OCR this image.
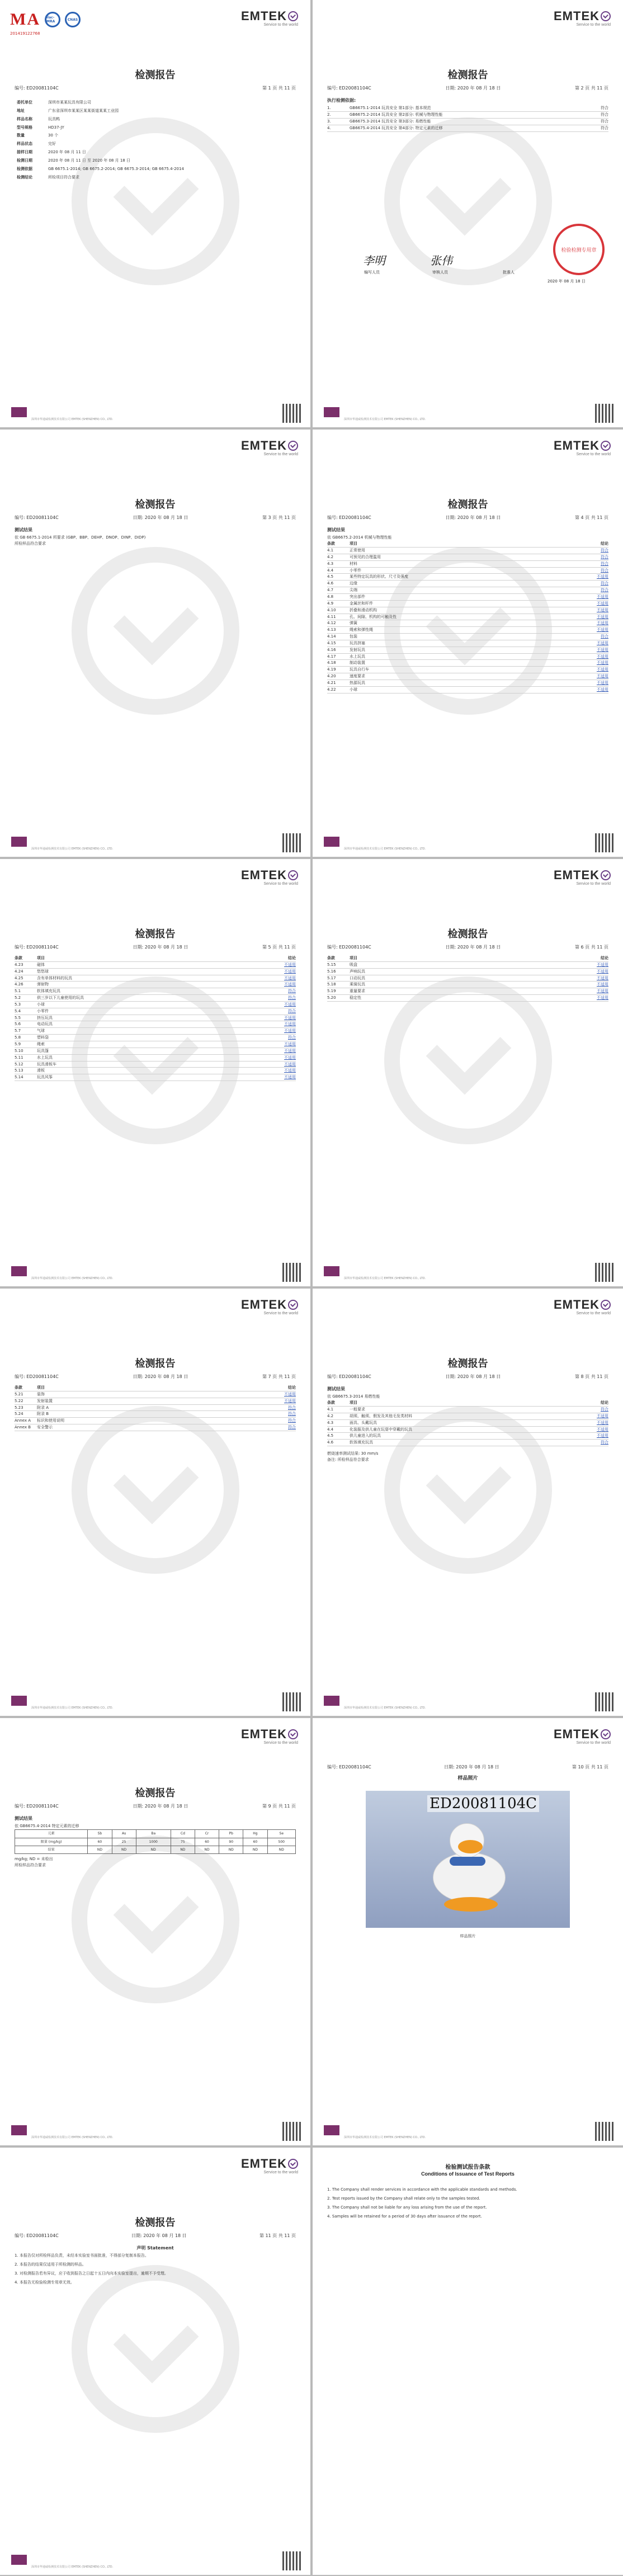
MA	ilac-MRA	CNAS
201419122768
EMTEK
Service to the world
检测报告
编号: ED20081104C	第 1 页 共 11 页
委托单位	深圳市某某玩具有限公司
地址	广东省深圳市某某区某某街道某某工业园
样品名称	玩具鸭
型号规格	HD37-JY
数量	30 个
样品状态	完好
接样日期	2020 年 08 月 11 日
检测日期	2020 年 08 月 11 日 至 2020 年 08 月 18 日
检测依据	GB 6675.1-2014; GB 6675.2-2014; GB 6675.3-2014; GB 6675.4-2014
检测结论	所检项目符合要求
深圳市华通威检测技术有限公司 EMTEK (SHENZHEN) CO., LTD.
EMTEK
Service to the world
检测报告
编号: ED20081104C	日期: 2020 年 08 月 18 日	第 2 页 共 11 页
执行检测依据:
1.	GB6675.1-2014 玩具安全 第1部分: 基本规范	符合
2.	GB6675.2-2014 玩具安全 第2部分: 机械与物理性能	符合
3.	GB6675.3-2014 玩具安全 第3部分: 易燃性能	符合
4.	GB6675.4-2014 玩具安全 第4部分: 特定元素的迁移	符合
李明	张伟
编写人员	审核人员	批准人
检验检测专用章
2020 年 08 月 18 日
深圳市华通威检测技术有限公司 EMTEK (SHENZHEN) CO., LTD.
EMTEK
Service to the world
检测报告
编号: ED20081104C	日期: 2020 年 08 月 18 日	第 3 页 共 11 页
测试结果
依 GB 6675.1-2014 所要求 (GBP、BBP、DEHP、DNOP、DINP、DIDP)
所检样品符合要求
深圳市华通威检测技术有限公司 EMTEK (SHENZHEN) CO., LTD.
EMTEK
Service to the world
检测报告
编号: ED20081104C	日期: 2020 年 08 月 18 日	第 4 页 共 11 页
测试结果
依 GB6675.2-2014 机械与物理性能
条款	项目	结论
4.1	正常使用	符合
4.2	可预见的合理滥用	符合
4.3	材料	符合
4.4	小零件	符合
4.5	某些特定玩具的形状、尺寸及强度	不适用
4.6	边缘	符合
4.7	尖端	符合
4.8	突出部件	不适用
4.9	金属丝和杆件	不适用
4.10	折叠和滑动机构	不适用
4.11	孔、间隙、机构的可触及性	不适用
4.12	弹簧	不适用
4.13	绳索和弹性绳	不适用
4.14	包装	符合
4.15	玩具挤塞	不适用
4.16	发射玩具	不适用
4.17	水上玩具	不适用
4.18	制动装置	不适用
4.19	玩具自行车	不适用
4.20	速度要求	不适用
4.21	热源玩具	不适用
4.22	小球	不适用
深圳市华通威检测技术有限公司 EMTEK (SHENZHEN) CO., LTD.
EMTEK
Service to the world
检测报告
编号: ED20081104C	日期: 2020 年 08 月 18 日	第 5 页 共 11 页
条款	项目	结论
4.23	磁体	不适用
4.24	悠悠球	不适用
4.25	含有单体材料的玩具	不适用
4.26	弹射物	不适用
5.1	软体填充玩具	符合
5.2	供三岁以下儿童使用的玩具	符合
5.3	小球	不适用
5.4	小零件	符合
5.5	挤压玩具	不适用
5.6	电动玩具	不适用
5.7	气球	不适用
5.8	塑料袋	符合
5.9	绳索	不适用
5.10	玩具篷	不适用
5.11	水上玩具	不适用
5.12	玩具滑板车	不适用
5.13	滑板	不适用
5.14	玩具风筝	不适用
深圳市华通威检测技术有限公司 EMTEK (SHENZHEN) CO., LTD.
EMTEK
Service to the world
检测报告
编号: ED20081104C	日期: 2020 年 08 月 18 日	第 6 页 共 11 页
条款	项目	结论
5.15	吸盘	不适用
5.16	声响玩具	不适用
5.17	口动玩具	不适用
5.18	乘骑玩具	不适用
5.19	重量要求	不适用
5.20	稳定性	不适用
深圳市华通威检测技术有限公司 EMTEK (SHENZHEN) CO., LTD.
EMTEK
Service to the world
检测报告
编号: ED20081104C	日期: 2020 年 08 月 18 日	第 7 页 共 11 页
条款	项目	结论
5.21	装饰	不适用
5.22	发射装置	不适用
5.23	附录 A	符合
5.24	附录 B	符合
Annex A	标识和使用说明	符合
Annex B	安全警示	符合
深圳市华通威检测技术有限公司 EMTEK (SHENZHEN) CO., LTD.
EMTEK
Service to the world
检测报告
编号: ED20081104C	日期: 2020 年 08 月 18 日	第 8 页 共 11 页
测试结果
依 GB6675.3-2014 易燃性能
条款	项目	结论
4.1	一般要求	符合
4.2	胡须、触须、假发及其他毛发类材料	不适用
4.3	面具、头戴玩具	不适用
4.4	化装服及供儿童在玩耍中穿戴的玩具	不适用
4.5	供儿童进入的玩具	不适用
4.6	软体填充玩具	符合
燃烧速率测试结果: 30 mm/s
备注: 所检样品符合要求
深圳市华通威检测技术有限公司 EMTEK (SHENZHEN) CO., LTD.
EMTEK
Service to the world
检测报告
编号: ED20081104C	日期: 2020 年 08 月 18 日	第 9 页 共 11 页
测试结果
依 GB6675.4-2014 特定元素的迁移
元素	Sb	As	Ba	Cd	Cr	Pb	Hg	Se
限量 (mg/kg)	60	25	1000	75	60	90	60	500
结果	ND	ND	ND	ND	ND	ND	ND	ND
mg/kg; ND = 未检出
所检样品符合要求
深圳市华通威检测技术有限公司 EMTEK (SHENZHEN) CO., LTD.
EMTEK
Service to the world
样品照片
编号: ED20081104C	日期: 2020 年 08 月 18 日	第 10 页 共 11 页
ED20081104C
样品照片
深圳市华通威检测技术有限公司 EMTEK (SHENZHEN) CO., LTD.
EMTEK
Service to the world
检测报告
编号: ED20081104C	日期: 2020 年 08 月 18 日	第 11 页 共 11 页
声明 Statement
1. 本报告仅对所检样品负责，未经本实验室书面批准，不得部分复制本报告。
2. 本报告的结果仅适用于所检测的样品。
3. 对检测报告若有异议，应于收到报告之日起十五日内向本实验室提出，逾期不予受理。
4. 本报告无检验检测专用章无效。
深圳市华通威检测技术有限公司 EMTEK (SHENZHEN) CO., LTD.
检验测试报告条款
Conditions of Issuance of Test Reports
1. The Company shall render services in accordance with the applicable standards and methods.
2. Test reports issued by the Company shall relate only to the samples tested.
3. The Company shall not be liable for any loss arising from the use of the report.
4. Samples will be retained for a period of 30 days after issuance of the report.
